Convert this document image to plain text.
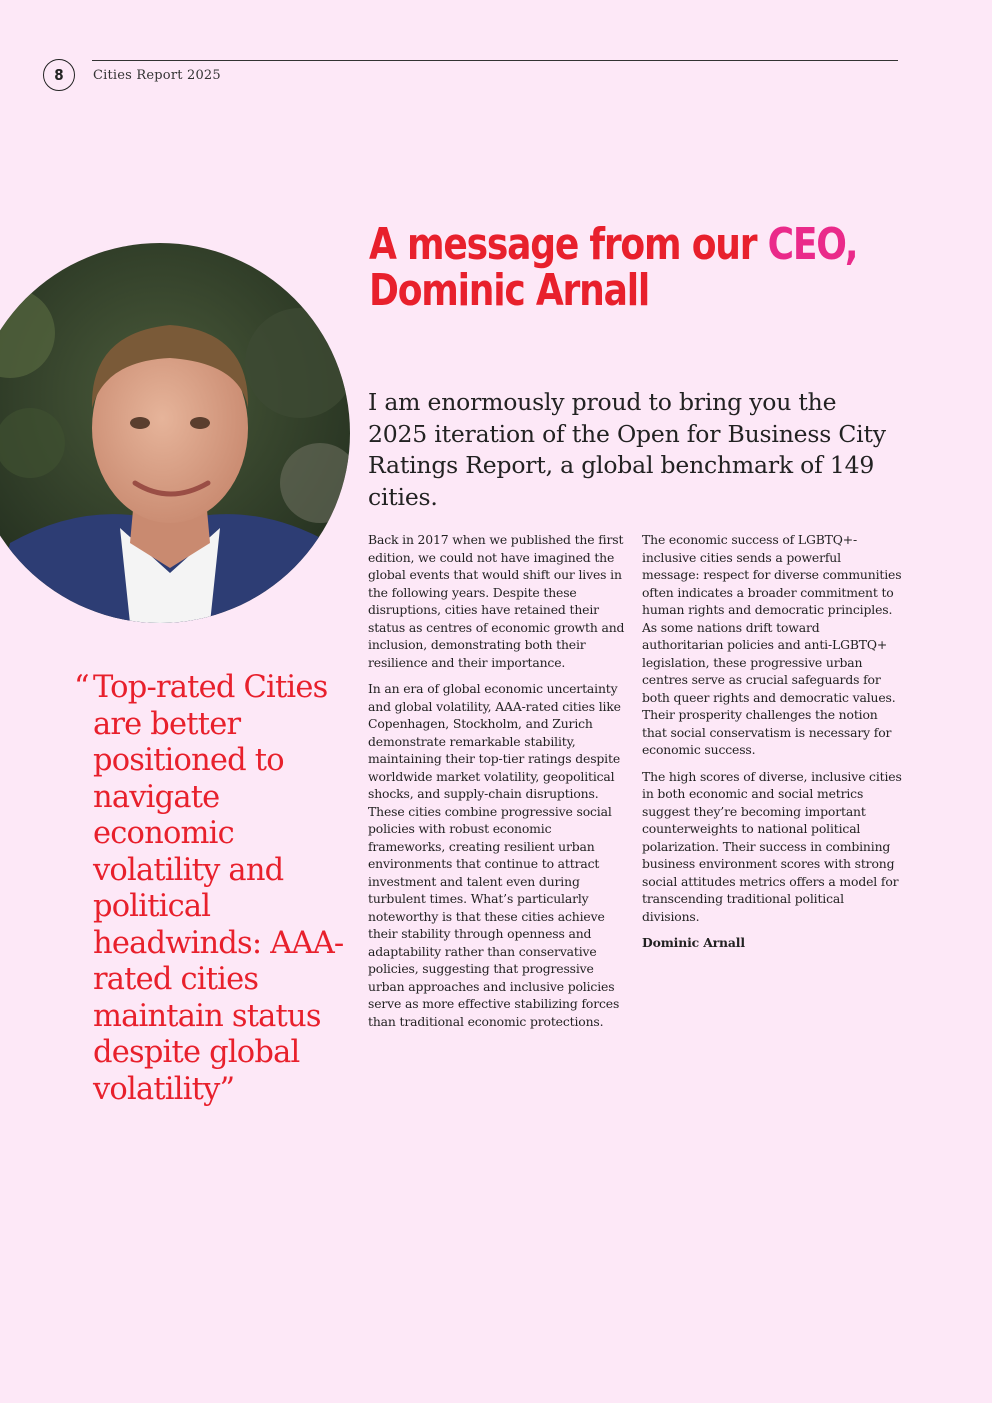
8	Cities Report 2025
A message from our CEO,
Dominic Arnall

I am enormously proud to bring you the 2025 iteration of the Open for Business City Ratings Report, a global benchmark of 149 cities.

Back in 2017 when we published the first edition, we could not have imagined the global events that would shift our lives in the following years. Despite these disruptions, cities have retained their status as centres of economic growth and inclusion, demonstrating both their resilience and their importance.

In an era of global economic uncertainty and global volatility, AAA-rated cities like Copenhagen, Stockholm, and Zurich demonstrate remarkable stability, maintaining their top-tier ratings despite worldwide market volatility, geopolitical shocks, and supply-chain disruptions. These cities combine progressive social policies with robust economic frameworks, creating resilient urban environments that continue to attract investment and talent even during turbulent times. What’s particularly noteworthy is that these cities achieve their stability through openness and adaptability rather than conservative policies, suggesting that progressive urban approaches and inclusive policies serve as more effective stabilizing forces than traditional economic protections.

The economic success of LGBTQ+-inclusive cities sends a powerful message: respect for diverse communities often indicates a broader commitment to human rights and democratic principles. As some nations drift toward authoritarian policies and anti-LGBTQ+ legislation, these progressive urban centres serve as crucial safeguards for both queer rights and democratic values. Their prosperity challenges the notion that social conservatism is necessary for economic success.

The high scores of diverse, inclusive cities in both economic and social metrics suggest they’re becoming important counterweights to national political polarization. Their success in combining business environment scores with strong social attitudes metrics offers a model for transcending traditional political divisions.

Dominic Arnall

“ Top-rated Cities are better positioned to navigate economic volatility and political headwinds: AAA-rated cities maintain status despite global volatility”
